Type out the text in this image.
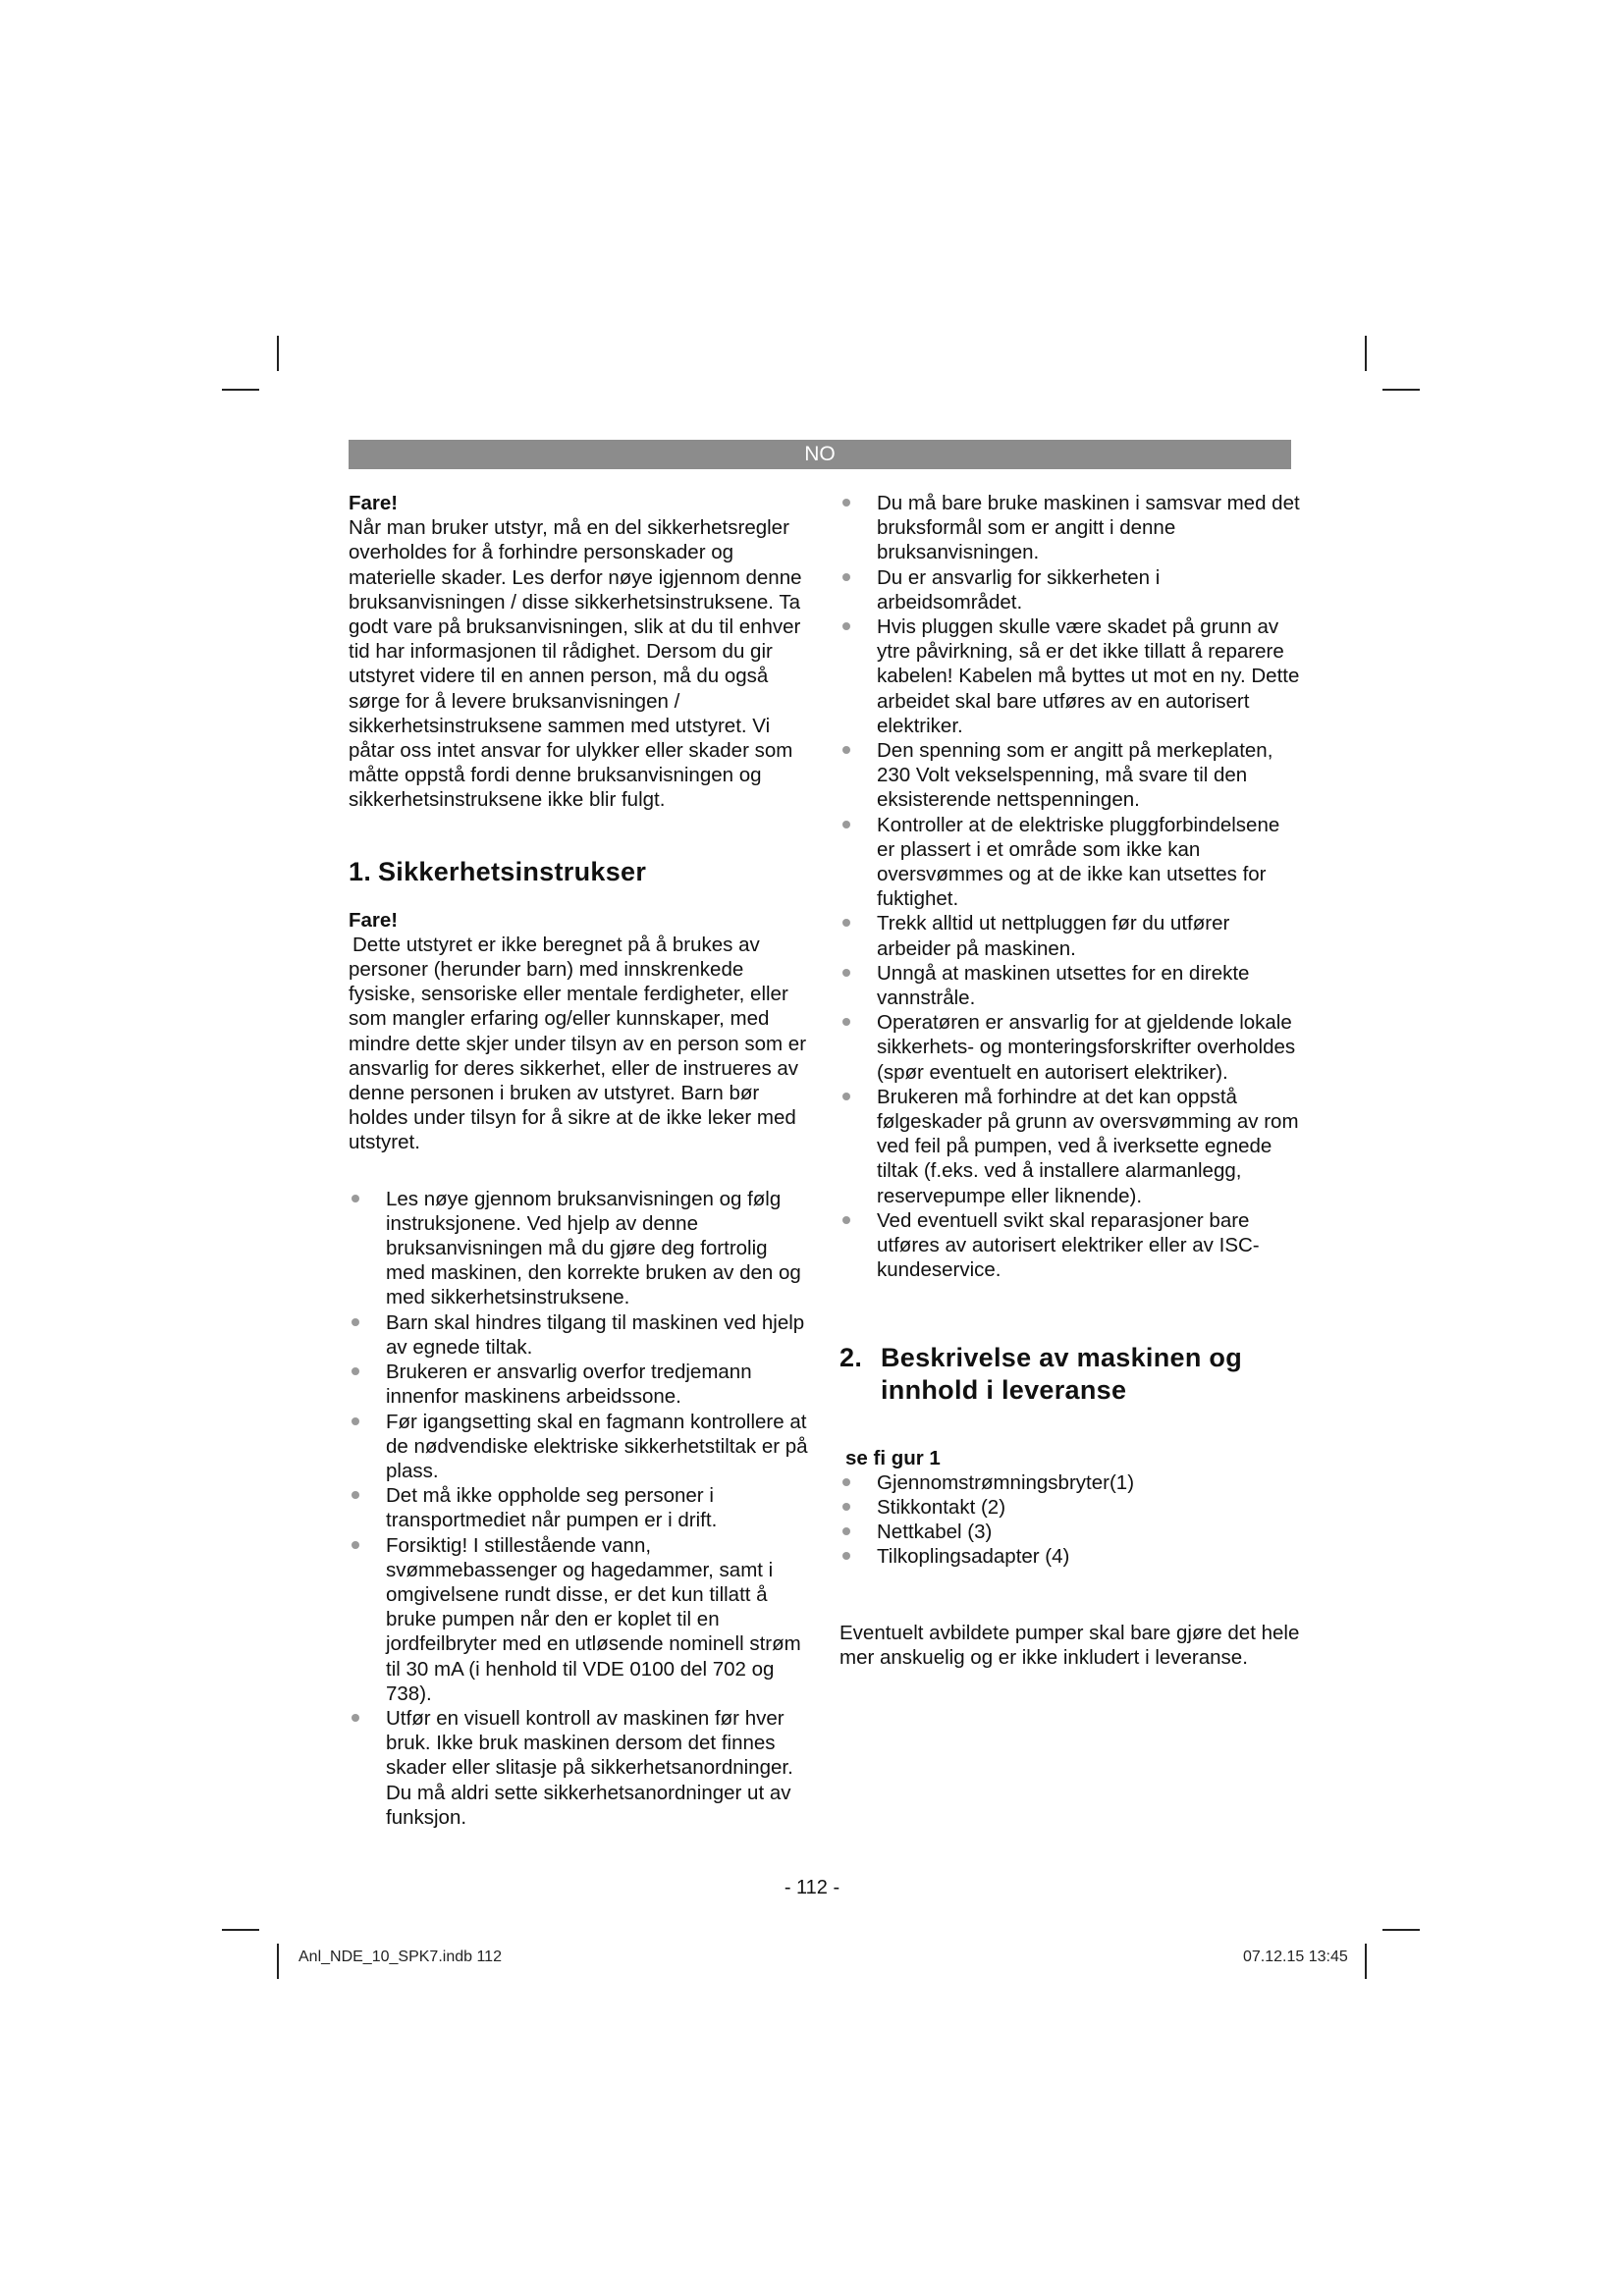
NO

Fare!

Når man bruker utstyr, må en del sikkerhetsregler overholdes for å forhindre personskader og materielle skader. Les derfor nøye igjennom denne bruksanvisningen / disse sikkerhetsinstruksene. Ta godt vare på bruksanvisningen, slik at du til enhver tid har informasjonen til rådighet. Dersom du gir utstyret videre til en annen person, må du også sørge for å levere bruksanvisningen / sikkerhetsinstruksene sammen med utstyret. Vi påtar oss intet ansvar for ulykker eller skader som måtte oppstå fordi denne bruksanvisningen og sikkerhetsinstruksene ikke blir fulgt.

1. Sikkerhetsinstrukser

Fare!

Dette utstyret er ikke beregnet på å brukes av personer (herunder barn) med innskrenkede fysiske, sensoriske eller mentale ferdigheter, eller som mangler erfaring og/eller kunnskaper, med mindre dette skjer under tilsyn av en person som er ansvarlig for deres sikkerhet, eller de instrueres av denne personen i bruken av utstyret. Barn bør holdes under tilsyn for å sikre at de ikke leker med utstyret.

Les nøye gjennom bruksanvisningen og følg instruksjonene. Ved hjelp av denne bruksanvisningen må du gjøre deg fortrolig med maskinen, den korrekte bruken av den og med sikkerhetsinstruksene.
Barn skal hindres tilgang til maskinen ved hjelp av egnede tiltak.
Brukeren er ansvarlig overfor tredjemann innenfor maskinens arbeidssone.
Før igangsetting skal en fagmann kontrollere at de nødvendiske elektriske sikkerhetstiltak er på plass.
Det må ikke oppholde seg personer i transportmediet når pumpen er i drift.
Forsiktig! I stillestående vann, svømmebassenger og hagedammer, samt i omgivelsene rundt disse, er det kun tillatt å bruke pumpen når den er koplet til en jordfeilbryter med en utløsende nominell strøm til 30 mA (i henhold til VDE 0100 del 702 og 738).
Utfør en visuell kontroll av maskinen før hver bruk. Ikke bruk maskinen dersom det finnes skader eller slitasje på sikkerhetsanordninger. Du må aldri sette sikkerhetsanordninger ut av funksjon.
Du må bare bruke maskinen i samsvar med det bruksformål som er angitt i denne bruksanvisningen.
Du er ansvarlig for sikkerheten i arbeidsområdet.
Hvis pluggen skulle være skadet på grunn av ytre påvirkning, så er det ikke tillatt å reparere kabelen! Kabelen må byttes ut mot en ny. Dette arbeidet skal bare utføres av en autorisert elektriker.
Den spenning som er angitt på merkeplaten, 230 Volt vekselspenning, må svare til den eksisterende nettspenningen.
Kontroller at de elektriske pluggforbindelsene er plassert i et område som ikke kan oversvømmes og at de ikke kan utsettes for fuktighet.
Trekk alltid ut nettpluggen før du utfører arbeider på maskinen.
Unngå at maskinen utsettes for en direkte vannstråle.
Operatøren er ansvarlig for at gjeldende lokale sikkerhets- og monteringsforskrifter overholdes (spør eventuelt en autorisert elektriker).
Brukeren må forhindre at det kan oppstå følgeskader på grunn av oversvømming av rom ved feil på pumpen, ved å iverksette egnede tiltak (f.eks. ved å installere alarmanlegg, reservepumpe eller liknende).
Ved eventuell svikt skal reparasjoner bare utføres av autorisert elektriker eller av ISC-kundeservice.
2. Beskrivelse av maskinen og innhold i leveranse

se fi gur 1

Gjennomstrømningsbryter(1)
Stikkontakt (2)
Nettkabel (3)
Tilkoplingsadapter (4)

Eventuelt avbildete pumper skal bare gjøre det hele mer anskuelig og er ikke inkludert i leveranse.

- 112 -
Anl_NDE_10_SPK7.indb 112	07.12.15 13:45
